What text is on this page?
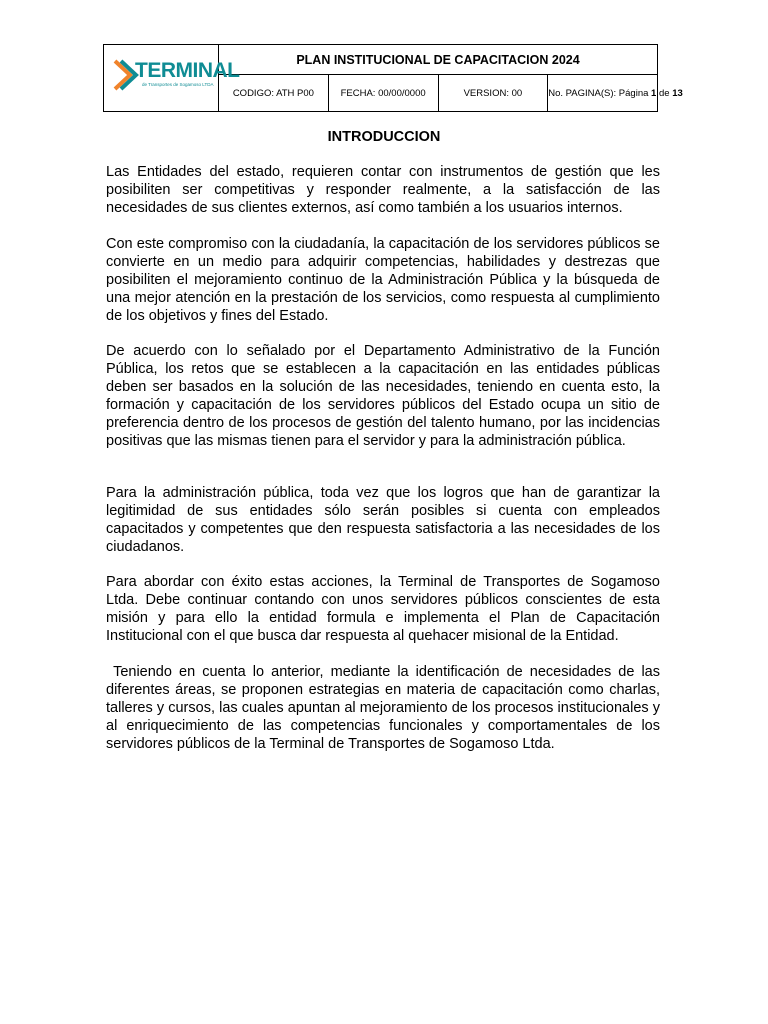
TERMINAL
de Transportes de Sogamoso LTDA	PLAN INSTITUCIONAL DE CAPACITACION 2024			
	CODIGO: ATH P00	FECHA: 00/00/0000	VERSION: 00	No. PAGINA(S): Página 1 de 13
INTRODUCCION

Las Entidades del estado, requieren contar con instrumentos de gestión que les posibiliten ser competitivas y responder realmente, a la satisfacción de las necesidades de sus clientes externos, así como también a los usuarios internos.

Con este compromiso con la ciudadanía, la capacitación de los servidores públicos se convierte en un medio para adquirir competencias, habilidades y destrezas que posibiliten el mejoramiento continuo de la Administración Pública y la búsqueda de una mejor atención en la prestación de los servicios, como respuesta al cumplimiento de los objetivos y fines del Estado.

De acuerdo con lo señalado por el Departamento Administrativo de la Función Pública, los retos que se establecen a la capacitación en las entidades públicas deben ser basados en la solución de las necesidades, teniendo en cuenta esto, la formación y capacitación de los servidores públicos del Estado ocupa un sitio de preferencia dentro de los procesos de gestión del talento humano, por las incidencias positivas que las mismas tienen para el servidor y para la administración pública.

Para la administración pública, toda vez que los logros que han de garantizar la legitimidad de sus entidades sólo serán posibles si cuenta con empleados capacitados y competentes que den respuesta satisfactoria a las necesidades de los ciudadanos.

Para abordar con éxito estas acciones, la Terminal de Transportes de Sogamoso Ltda. Debe continuar contando con unos servidores públicos conscientes de esta misión y para ello la entidad formula e implementa el Plan de Capacitación Institucional con el que busca dar respuesta al quehacer misional de la Entidad.

Teniendo en cuenta lo anterior, mediante la identificación de necesidades de las diferentes áreas, se proponen estrategias en materia de capacitación como charlas, talleres y cursos, las cuales apuntan al mejoramiento de los procesos institucionales y al enriquecimiento de las competencias funcionales y comportamentales de los servidores públicos de la Terminal de Transportes de Sogamoso Ltda.
